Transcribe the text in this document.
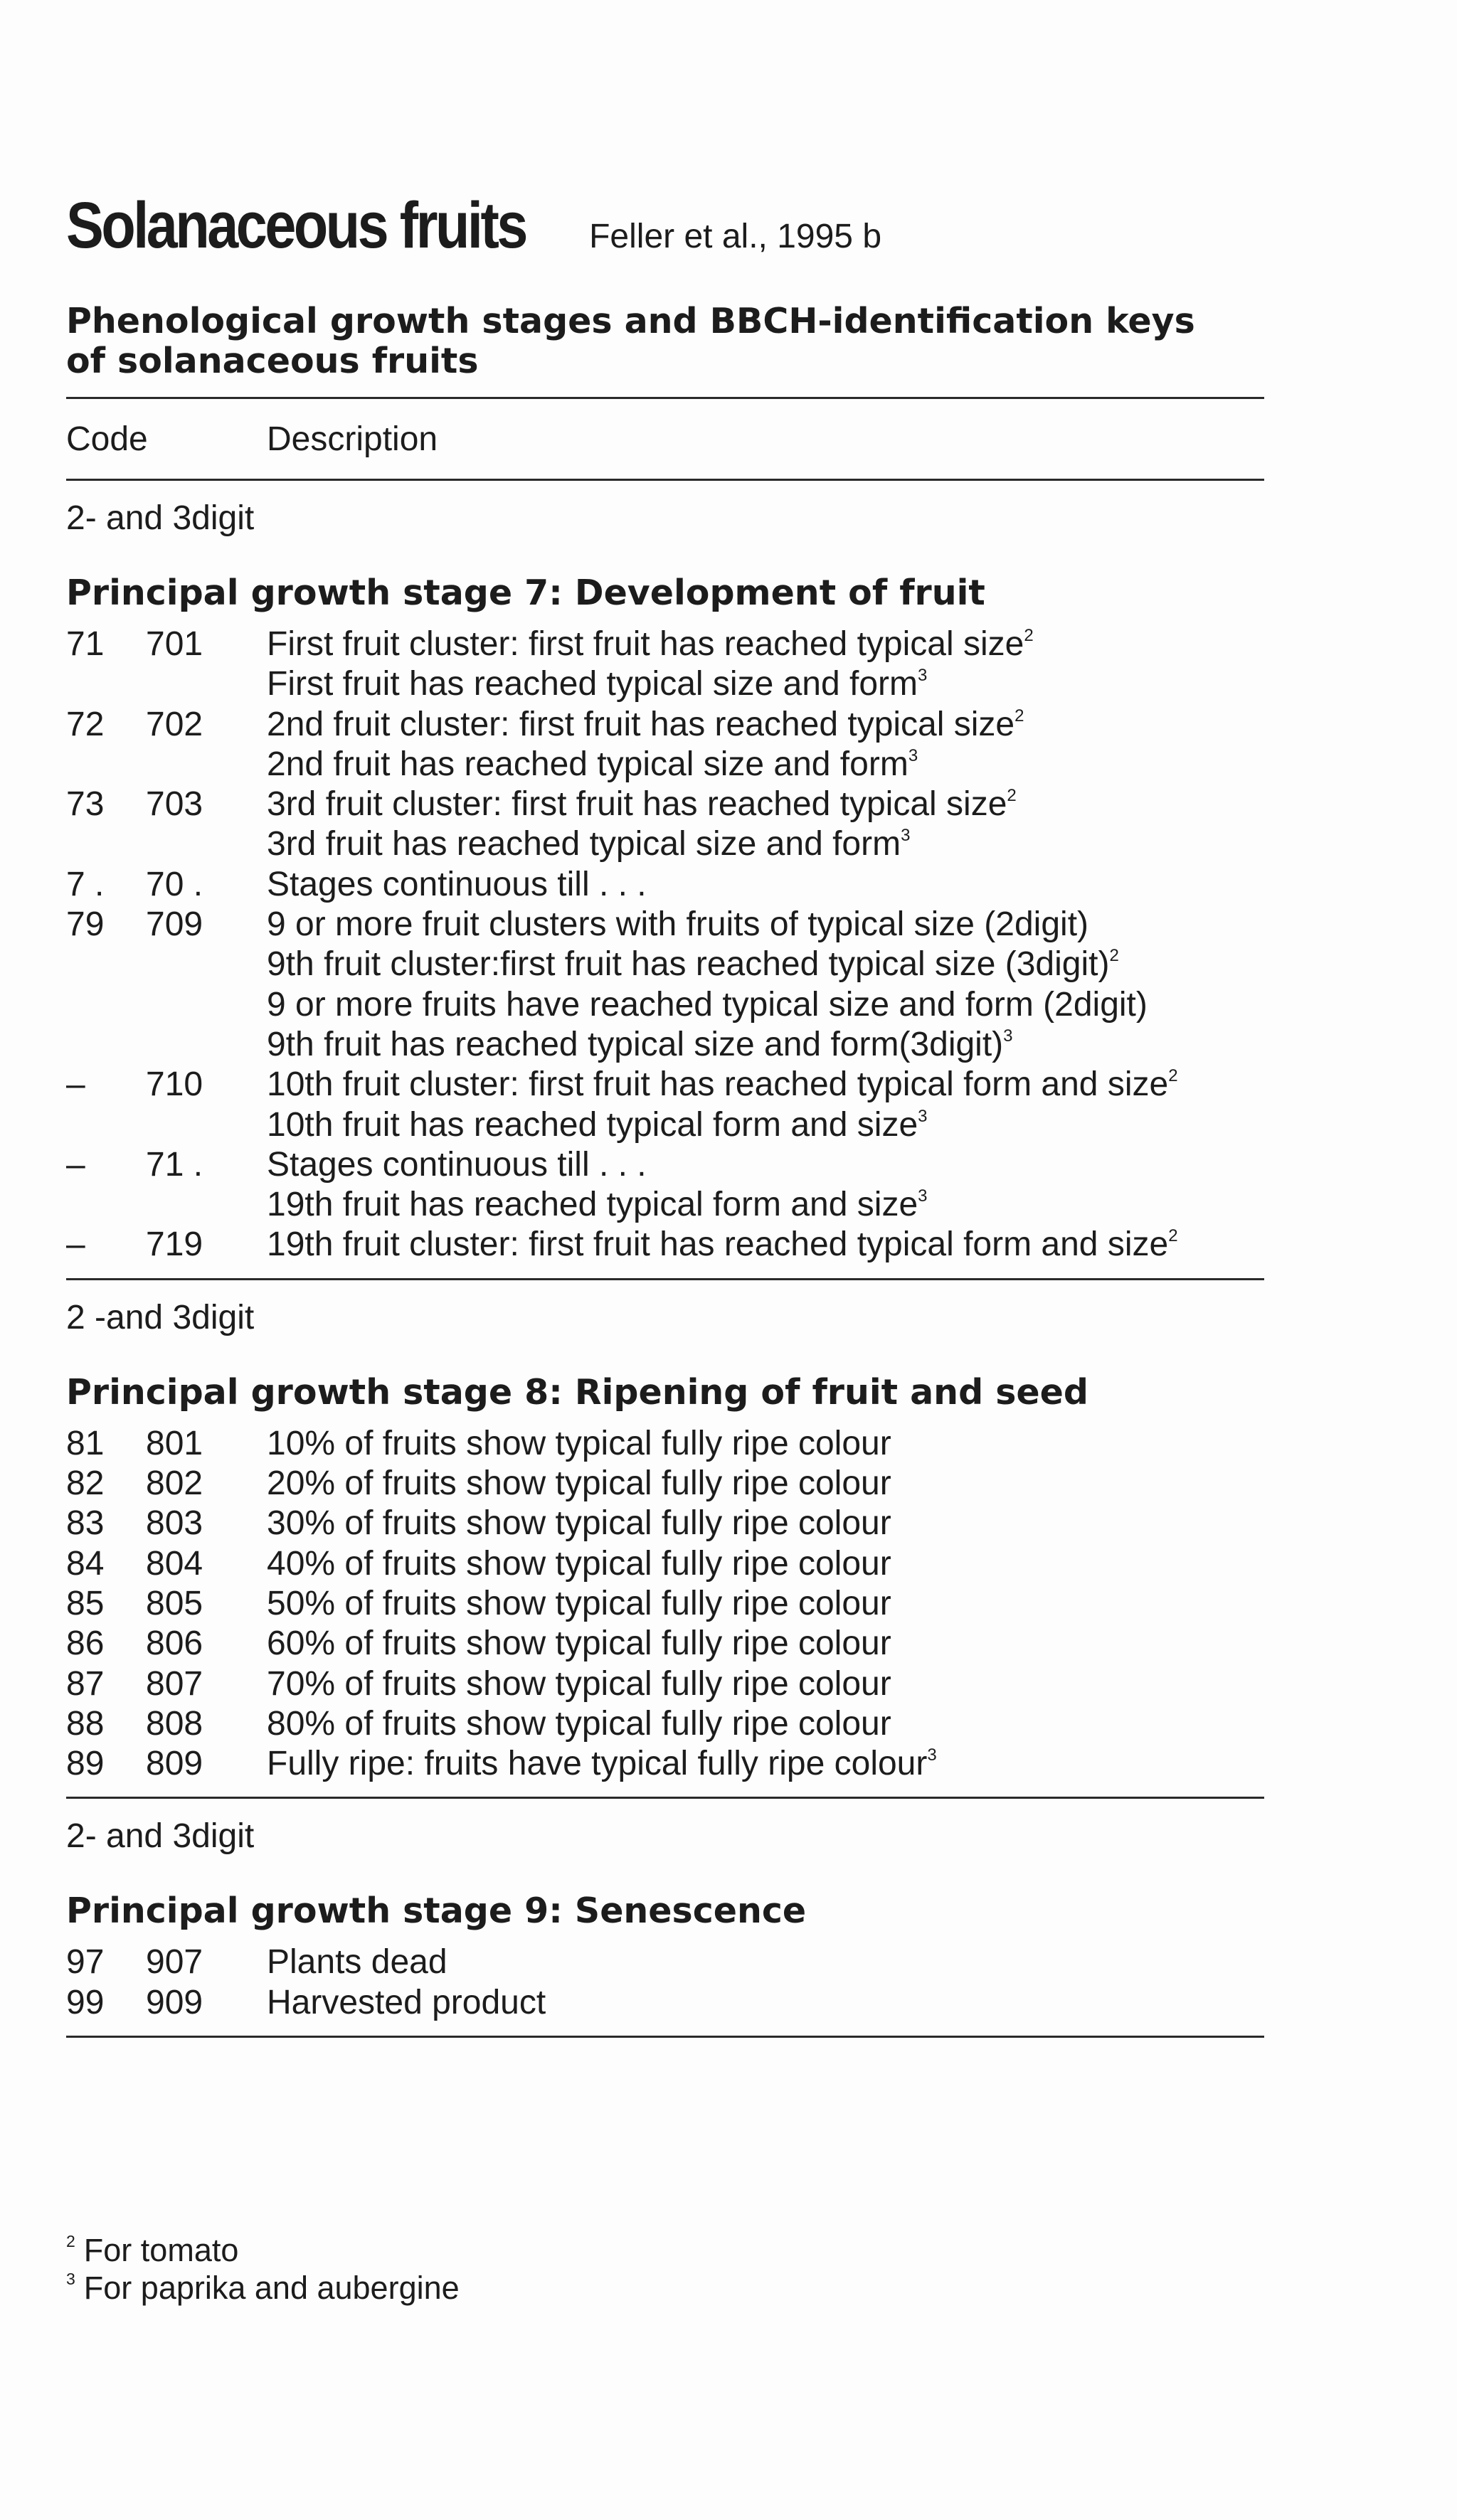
Solanaceous fruits Feller et al., 1995 b
Phenological growth stages and BBCH-identification keys
of solanaceous fruits
Code	Description
2- and 3digit
Principal growth stage 7: Development of fruit
71	701	First fruit cluster: first fruit has reached typical size$^2$
First fruit has reached typical size and form$^3$
72	702	2nd fruit cluster: first fruit has reached typical size$^2$
2nd fruit has reached typical size and form$^3$
73	703	3rd fruit cluster: first fruit has reached typical size$^2$
3rd fruit has reached typical size and form$^3$
7 .	70 .	Stages continuous till . . .
79	709	9 or more fruit clusters with fruits of typical size (2digit)
9th fruit cluster:first fruit has reached typical size (3digit)$^2$
9 or more fruits have reached typical size and form (2digit)
9th fruit has reached typical size and form(3digit)$^3$
–	710	10th fruit cluster: first fruit has reached typical form and size$^2$
10th fruit has reached typical form and size$^3$
–	71 .	Stages continuous till . . .
19th fruit has reached typical form and size$^3$
–	719	19th fruit cluster: first fruit has reached typical form and size$^2$
2 -and 3digit
Principal growth stage 8: Ripening of fruit and seed
81	801	10% of fruits show typical fully ripe colour
82	802	20% of fruits show typical fully ripe colour
83	803	30% of fruits show typical fully ripe colour
84	804	40% of fruits show typical fully ripe colour
85	805	50% of fruits show typical fully ripe colour
86	806	60% of fruits show typical fully ripe colour
87	807	70% of fruits show typical fully ripe colour
88	808	80% of fruits show typical fully ripe colour
89	809	Fully ripe: fruits have typical fully ripe colour$^3$
2- and 3digit
Principal growth stage 9: Senescence
97	907	Plants dead
99	909	Harvested product
$^2$ For tomato
$^3$ For paprika and aubergine
